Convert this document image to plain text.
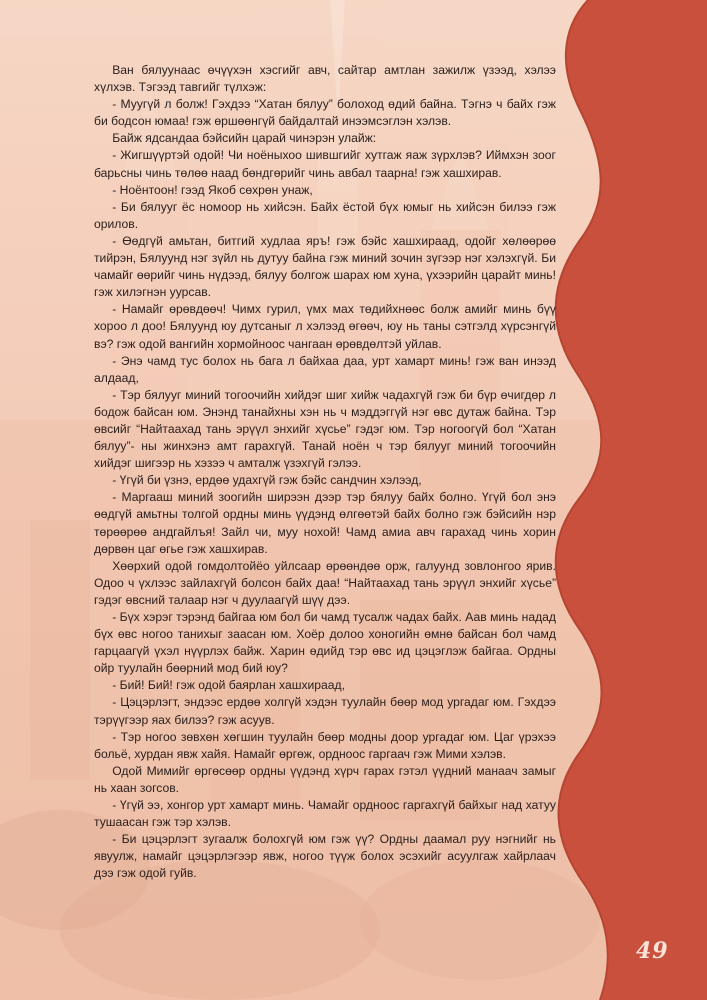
  Ван бялуунаас өчүүхэн хэсгийг авч, сайтар амтлан зажилж үзээд, хэлээ хүлхэв. Тэгээд тавгийг түлхэж:

  - Муугүй л болж! Гэхдээ “Хатан бялуу” болоход өдий байна. Тэгнэ ч байх гэж би бодсон юмаа! гэж өршөөнгүй байдалтай инээмсэглэн хэлэв.

  Байж ядсандаа бэйсийн царай чинэрэн улайж:

  - Жигшүүртэй одой! Чи ноёныхоо шившгийг хутгаж яаж зүрхлэв? Иймхэн зоог барьсны чинь төлөө наад бөндгөрийг чинь авбал таарна! гэж хашхирав.

  - Ноёнтоон! гээд Якоб сөхрөн унаж,

  - Би бялууг ёс номоор нь хийсэн. Байх ёстой бүх юмыг нь хийсэн билээ гэж орилов.

  - Өөдгүй амьтан, битгий худлаа яръ! гэж бэйс хашхираад, одойг хөлөөрөө тийрэн, Бялуунд нэг зүйл нь дутуу байна гэж миний зочин зүгээр нэг хэлэхгүй. Би чамайг өөрийг чинь нүдээд, бялуу болгож шарах юм хуна, үхээрийн царайт минь! гэж хилэгнэн уурсав.

  - Намайг өрөвдөөч! Чимх гурил, үмх мах төдийхнөөс болж амийг минь бүү хороо л доо! Бялуунд юу дутсаныг л хэлээд өгөөч, юу нь таны сэтгэлд хүрсэнгүй вэ? гэж одой вангийн хормойноос чангаан өрөвдөлтэй уйлав.

  - Энэ чамд тус болох нь бага л байхаа даа, урт хамарт минь! гэж ван инээд алдаад,

  - Тэр бялууг миний тогоочийн хийдэг шиг хийж чадахгүй гэж би бүр өчигдөр л бодож байсан юм. Энэнд танайхны хэн нь ч мэддэггүй нэг өвс дутаж байна. Тэр өвсийг “Найтаахад тань эрүүл энхийг хүсье” гэдэг юм. Тэр ногоогүй бол “Хатан бялуу”- ны жинхэнэ амт гарахгүй. Танай ноён ч тэр бялууг миний тогоочийн хийдэг шигээр нь хэзээ ч амталж үзэхгүй гэлээ.

  - Үгүй би үзнэ, ердөө удахгүй гэж бэйс сандчин хэлээд,

  - Маргааш миний зоогийн ширээн дээр тэр бялуу байх болно. Үгүй бол энэ өөдгүй амьтны толгой ордны минь үүдэнд өлгөөтэй байх болно гэж бэйсийн нэр төрөөрөө андгайлъя! Зайл чи, муу нохой! Чамд амиа авч гарахад чинь хорин дөрвөн цаг өгье гэж хашхирав.

  Хөөрхий одой гомдолтойёо уйлсаар өрөөндөө орж, галуунд зовлонгоо ярив. Одоо ч үхлээс зайлахгүй болсон байх даа! “Найтаахад тань эрүүл энхийг хүсье” гэдэг өвсний талаар нэг ч дуулаагүй шүү дээ.

  - Бүх хэрэг тэрэнд байгаа юм бол би чамд тусалж чадах байх. Аав минь надад бүх өвс ногоо танихыг заасан юм. Хоёр долоо хоногийн өмнө байсан бол чамд гарцаагүй үхэл нүүрлэх байж. Харин өдийд тэр өвс ид цэцэглэж байгаа. Ордны ойр туулайн бөөрний мод бий юу?

  - Бий! Бий! гэж одой баярлан хашхираад,

  - Цэцэрлэгт, эндээс ердөө холгүй хэдэн туулайн бөөр мод ургадаг юм. Гэхдээ тэрүүгээр яах билээ? гэж асуув.

  - Тэр ногоо зөвхөн хөгшин туулайн бөөр модны доор ургадаг юм. Цаг үрэхээ больё, хурдан явж хайя. Намайг өргөж, ордноос гаргаач гэж Мими хэлэв.

  Одой Мимийг өргөсөөр ордны үүдэнд хүрч гарах гэтэл үүдний манаач замыг нь хаан зогсов.

  - Үгүй ээ, хонгор урт хамарт минь. Чамайг ордноос гаргахгүй байхыг над хатуу тушаасан гэж тэр хэлэв.

  - Би цэцэрлэгт зугаалж болохгүй юм гэж үү? Ордны даамал руу нэгнийг нь явуулж, намайг цэцэрлэгээр явж, ногоо түүж болох эсэхийг асуулгаж хайрлаач дээ гэж одой гуйв.

49
